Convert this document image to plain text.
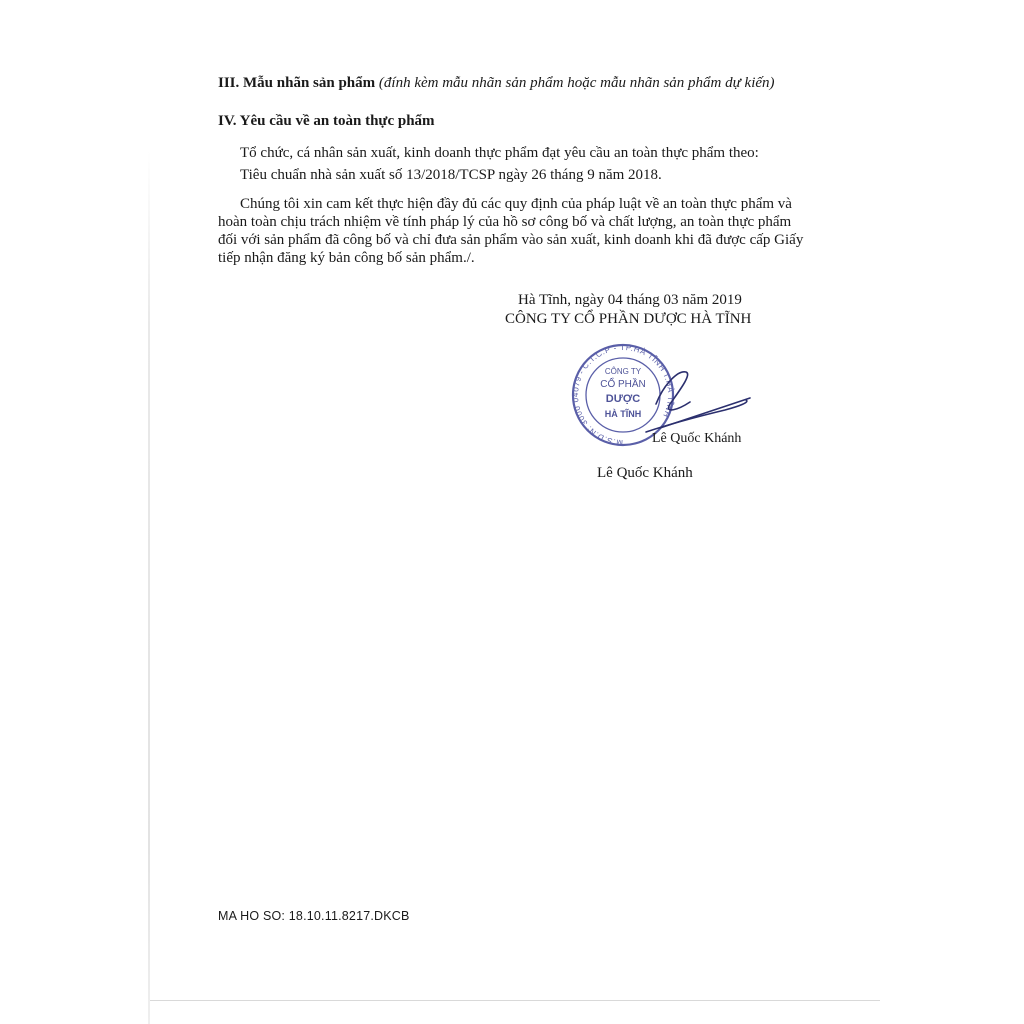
III. Mẫu nhãn sản phẩm (đính kèm mẫu nhãn sản phẩm hoặc mẫu nhãn sản phẩm dự kiến)
IV. Yêu cầu về an toàn thực phẩm
Tổ chức, cá nhân sản xuất, kinh doanh thực phẩm đạt yêu cầu an toàn thực phẩm theo:
Tiêu chuẩn nhà sản xuất số 13/2018/TCSP ngày 26 tháng 9 năm 2018.
Chúng tôi xin cam kết thực hiện đầy đủ các quy định của pháp luật về an toàn thực phẩm và
hoàn toàn chịu trách nhiệm về tính pháp lý của hồ sơ công bố và chất lượng, an toàn thực phẩm
đối với sản phẩm đã công bố và chỉ đưa sản phẩm vào sản xuất, kinh doanh khi đã được cấp Giấy
tiếp nhận đăng ký bản công bố sản phẩm./.
Hà Tĩnh, ngày 04 tháng 03 năm 2019
CÔNG TY CỔ PHẦN DƯỢC HÀ TĨNH
M.S.D.N: 3000 04079 - C.T.C.P - TP.HÀ TĨNH T.HÀ TĨNH
CÔNG TY
CỔ PHẦN
DƯỢC
HÀ TĨNH
Lê Quốc Khánh
Lê Quốc Khánh
MA HO SO: 18.10.11.8217.DKCB
